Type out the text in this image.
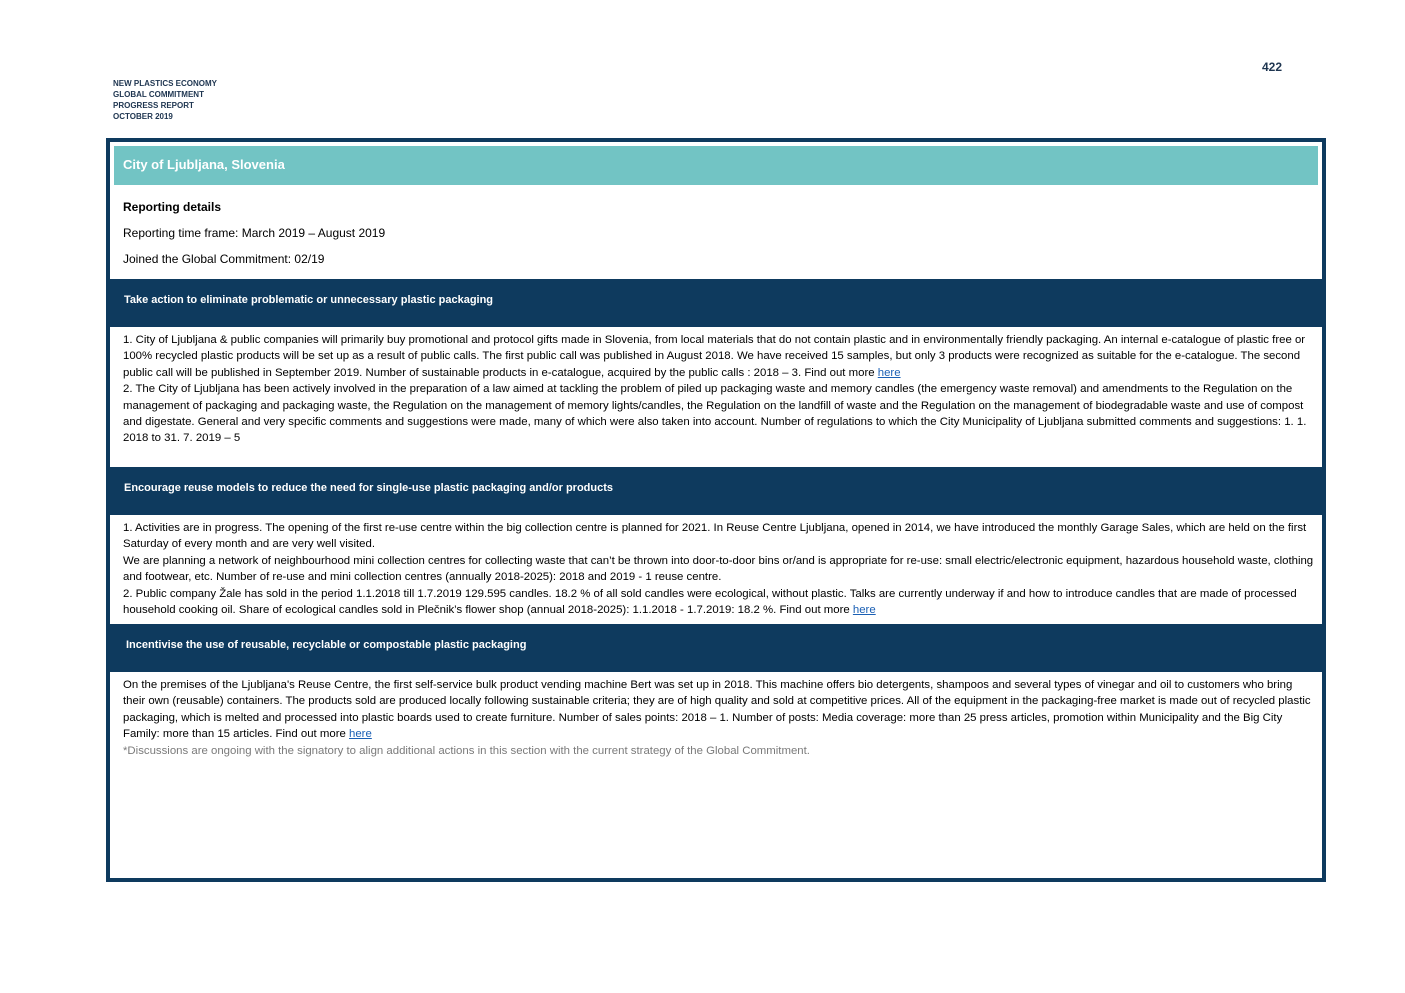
422
NEW PLASTICS ECONOMY
GLOBAL COMMITMENT
PROGRESS REPORT
OCTOBER 2019
City of Ljubljana, Slovenia
Reporting details
Reporting time frame: March 2019 – August 2019
Joined the Global Commitment: 02/19
Take action to eliminate problematic or unnecessary plastic packaging

1. City of Ljubljana & public companies will primarily buy promotional and protocol gifts made in Slovenia, from local materials that do not contain plastic and in environmentally friendly packaging. An internal e-catalogue of plastic free or 100% recycled plastic products will be set up as a result of public calls. The first public call was published in August 2018. We have received 15 samples, but only 3 products were recognized as suitable for the e-catalogue. The second public call will be published in September 2019. Number of sustainable products in e-catalogue, acquired by the public calls : 2018 – 3. Find out more here

2. The City of Ljubljana has been actively involved in the preparation of a law aimed at tackling the problem of piled up packaging waste and memory candles (the emergency waste removal) and amendments to the Regulation on the management of packaging and packaging waste, the Regulation on the management of memory lights/candles, the Regulation on the landfill of waste and the Regulation on the management of biodegradable waste and use of compost and digestate. General and very specific comments and suggestions were made, many of which were also taken into account. Number of regulations to which the City Municipality of Ljubljana submitted comments and suggestions: 1. 1. 2018 to 31. 7. 2019 – 5

Encourage reuse models to reduce the need for single-use plastic packaging and/or products

1. Activities are in progress. The opening of the first re-use centre within the big collection centre is planned for 2021. In Reuse Centre Ljubljana, opened in 2014, we have introduced the monthly Garage Sales, which are held on the first Saturday of every month and are very well visited.

We are planning a network of neighbourhood mini collection centres for collecting waste that can’t be thrown into door-to-door bins or/and is appropriate for re-use: small electric/electronic equipment, hazardous household waste, clothing and footwear, etc. Number of re-use and mini collection centres (annually 2018-2025): 2018 and 2019 - 1 reuse centre.

2. Public company Žale has sold in the period 1.1.2018 till 1.7.2019 129.595 candles. 18.2 % of all sold candles were ecological, without plastic. Talks are currently underway if and how to introduce candles that are made of processed household cooking oil. Share of ecological candles sold in Plečnik’s flower shop (annual 2018-2025): 1.1.2018 - 1.7.2019: 18.2 %. Find out more here

Incentivise the use of reusable, recyclable or compostable plastic packaging

On the premises of the Ljubljana's Reuse Centre, the first self-service bulk product vending machine Bert was set up in 2018. This machine offers bio detergents, shampoos and several types of vinegar and oil to customers who bring their own (reusable) containers. The products sold are produced locally following sustainable criteria; they are of high quality and sold at competitive prices. All of the equipment in the packaging-free market is made out of recycled plastic packaging, which is melted and processed into plastic boards used to create furniture. Number of sales points: 2018 – 1. Number of posts: Media coverage: more than 25 press articles, promotion within Municipality and the Big City Family: more than 15 articles. Find out more here

*Discussions are ongoing with the signatory to align additional actions in this section with the current strategy of the Global Commitment.
